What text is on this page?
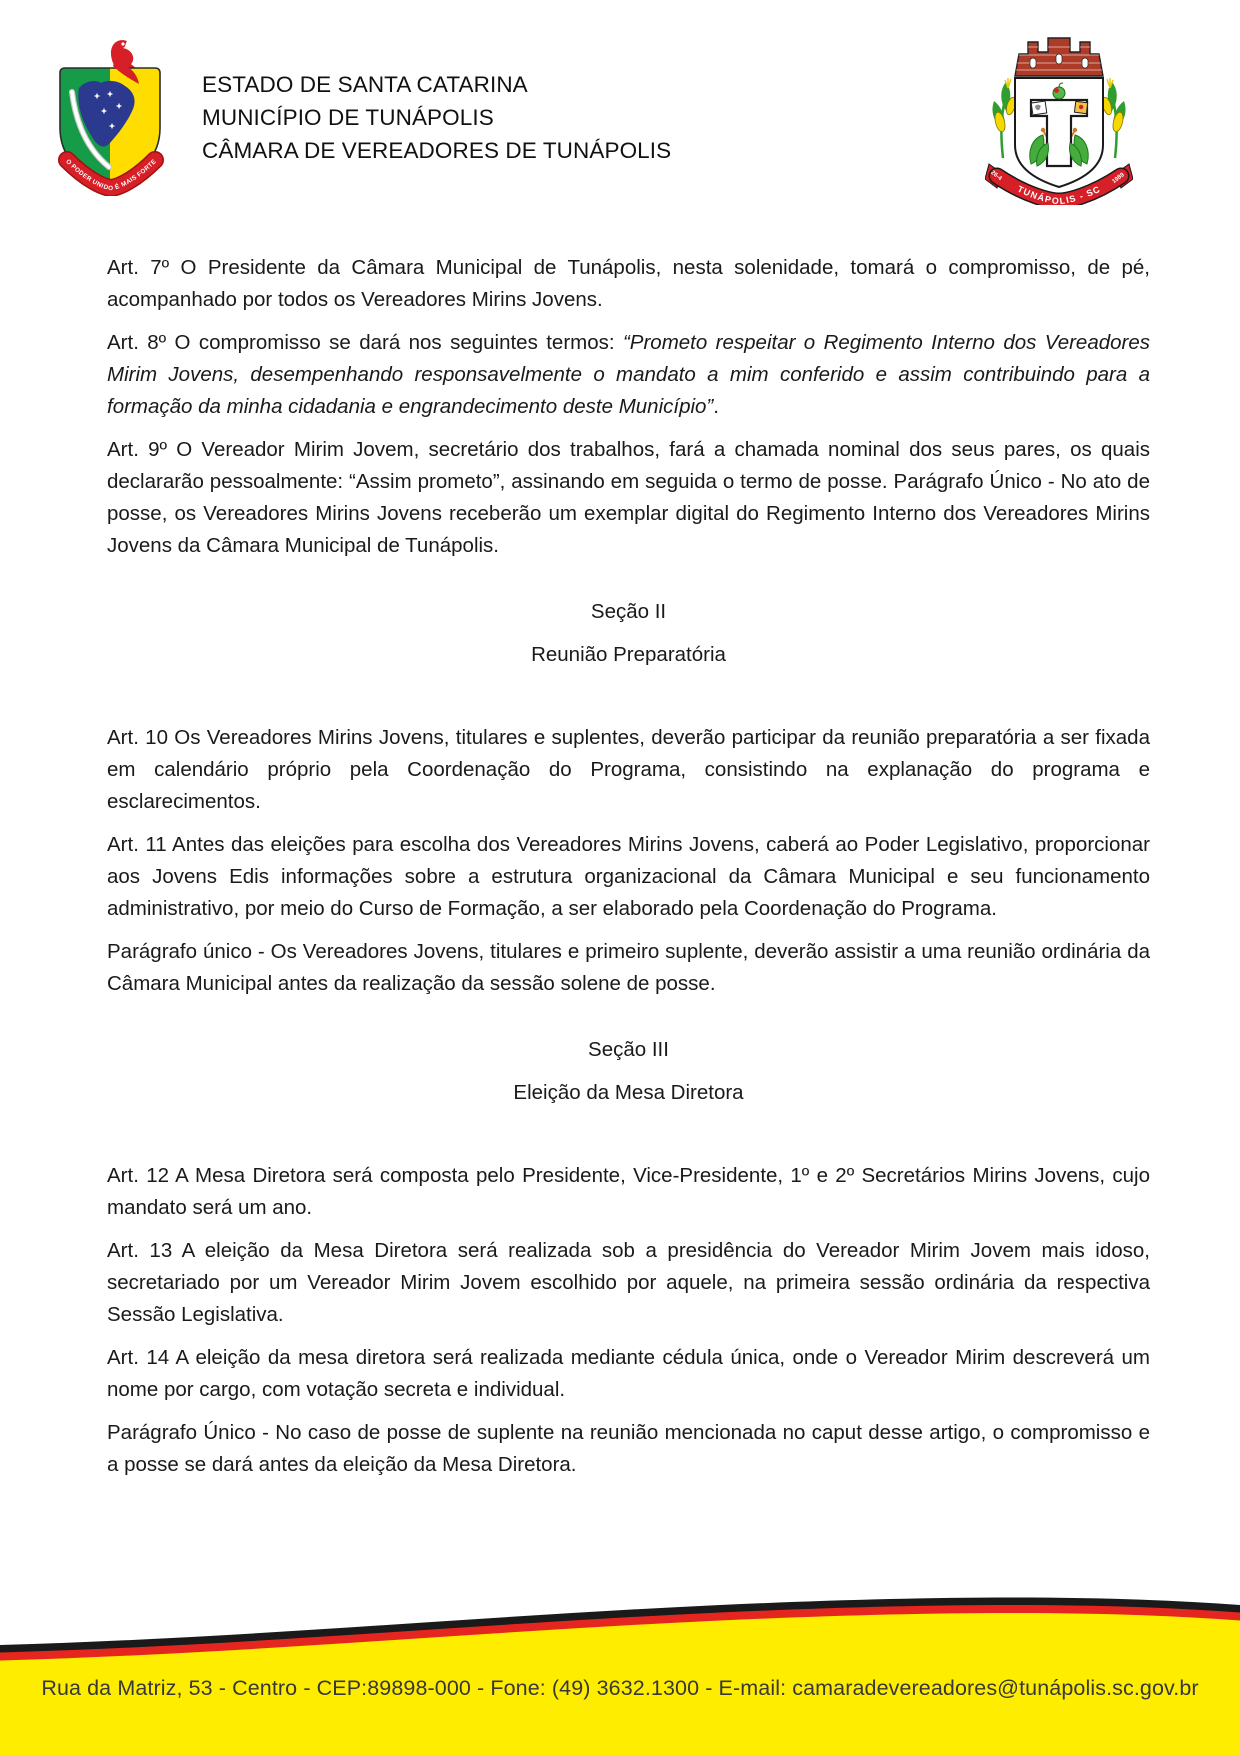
O PODER UNIDO É MAIS FORTE
ESTADO DE SANTA CATARINA
MUNICÍPIO DE TUNÁPOLIS
CÂMARA DE VEREADORES DE TUNÁPOLIS
TUNÁPOLIS - SC
26-4	1989

Art. 7º O Presidente da Câmara Municipal de Tunápolis, nesta solenidade, tomará o compromisso, de pé, acompanhado por todos os Vereadores Mirins Jovens.

Art. 8º O compromisso se dará nos seguintes termos: “Prometo respeitar o Regimento Interno dos Vereadores Mirim Jovens, desempenhando responsavelmente o mandato a mim conferido e assim contribuindo para a formação da minha cidadania e engrandecimento deste Município”.

Art. 9º O Vereador Mirim Jovem, secretário dos trabalhos, fará a chamada nominal dos seus pares, os quais declararão pessoalmente: “Assim prometo”, assinando em seguida o termo de posse. Parágrafo Único - No ato de posse, os Vereadores Mirins Jovens receberão um exemplar digital do Regimento Interno dos Vereadores Mirins Jovens da Câmara Municipal de Tunápolis.

Seção II
Reunião Preparatória

Art. 10 Os Vereadores Mirins Jovens, titulares e suplentes, deverão participar da reunião preparatória a ser fixada em calendário próprio pela Coordenação do Programa, consistindo na explanação do programa e esclarecimentos.

Art. 11 Antes das eleições para escolha dos Vereadores Mirins Jovens, caberá ao Poder Legislativo, proporcionar aos Jovens Edis informações sobre a estrutura organizacional da Câmara Municipal e seu funcionamento administrativo, por meio do Curso de Formação, a ser elaborado pela Coordenação do Programa.

Parágrafo único - Os Vereadores Jovens, titulares e primeiro suplente, deverão assistir a uma reunião ordinária da Câmara Municipal antes da realização da sessão solene de posse.

Seção III
Eleição da Mesa Diretora

Art. 12 A Mesa Diretora será composta pelo Presidente, Vice-Presidente, 1º e 2º Secretários Mirins Jovens, cujo mandato será um ano.

Art. 13 A eleição da Mesa Diretora será realizada sob a presidência do Vereador Mirim Jovem mais idoso, secretariado por um Vereador Mirim Jovem escolhido por aquele, na primeira sessão ordinária da respectiva Sessão Legislativa.

Art. 14 A eleição da mesa diretora será realizada mediante cédula única, onde o Vereador Mirim descreverá um nome por cargo, com votação secreta e individual.

Parágrafo Único - No caso de posse de suplente na reunião mencionada no caput desse artigo, o compromisso e a posse se dará antes da eleição da Mesa Diretora.

Rua da Matriz, 53 - Centro - CEP:89898-000 - Fone: (49) 3632.1300 - E-mail: camaradevereadores@tunápolis.sc.gov.br
